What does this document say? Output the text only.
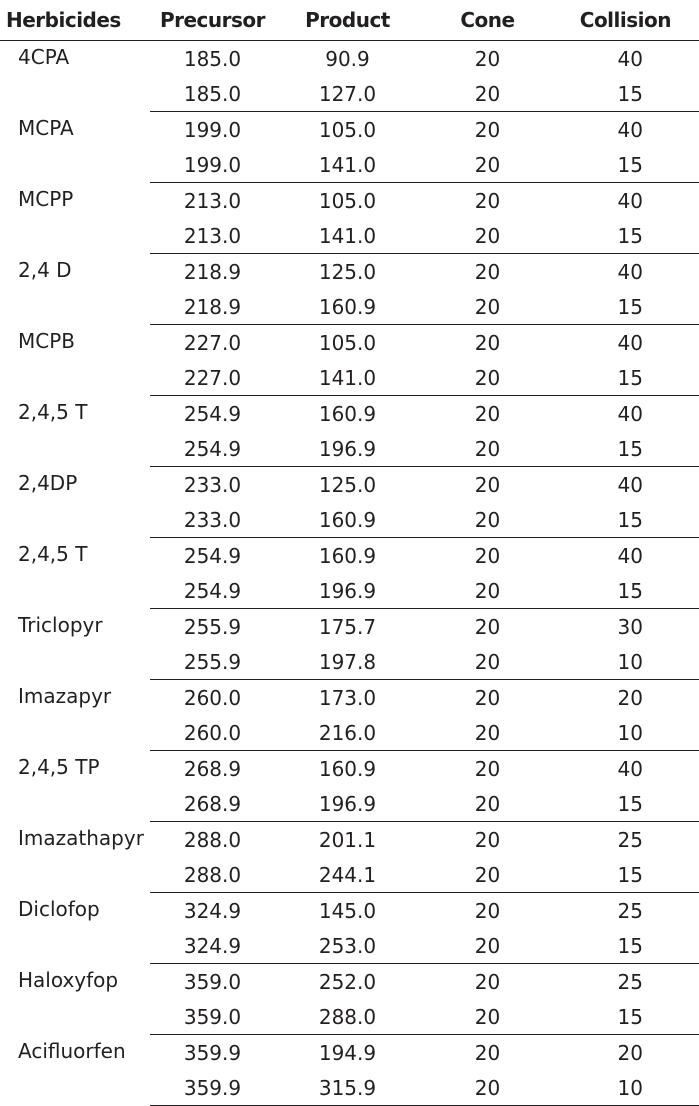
Herbicides	Precursor	Product	Cone	Collision
4CPA	185.0	90.9	20	40
	185.0	127.0	20	15
MCPA	199.0	105.0	20	40
	199.0	141.0	20	15
MCPP	213.0	105.0	20	40
	213.0	141.0	20	15
2,4 D	218.9	125.0	20	40
	218.9	160.9	20	15
MCPB	227.0	105.0	20	40
	227.0	141.0	20	15
2,4,5 T	254.9	160.9	20	40
	254.9	196.9	20	15
2,4DP	233.0	125.0	20	40
	233.0	160.9	20	15
2,4,5 T	254.9	160.9	20	40
	254.9	196.9	20	15
Triclopyr	255.9	175.7	20	30
	255.9	197.8	20	10
Imazapyr	260.0	173.0	20	20
	260.0	216.0	20	10
2,4,5 TP	268.9	160.9	20	40
	268.9	196.9	20	15
Imazathapyr	288.0	201.1	20	25
	288.0	244.1	20	15
Diclofop	324.9	145.0	20	25
	324.9	253.0	20	15
Haloxyfop	359.0	252.0	20	25
	359.0	288.0	20	15
Acifluorfen	359.9	194.9	20	20
	359.9	315.9	20	10
